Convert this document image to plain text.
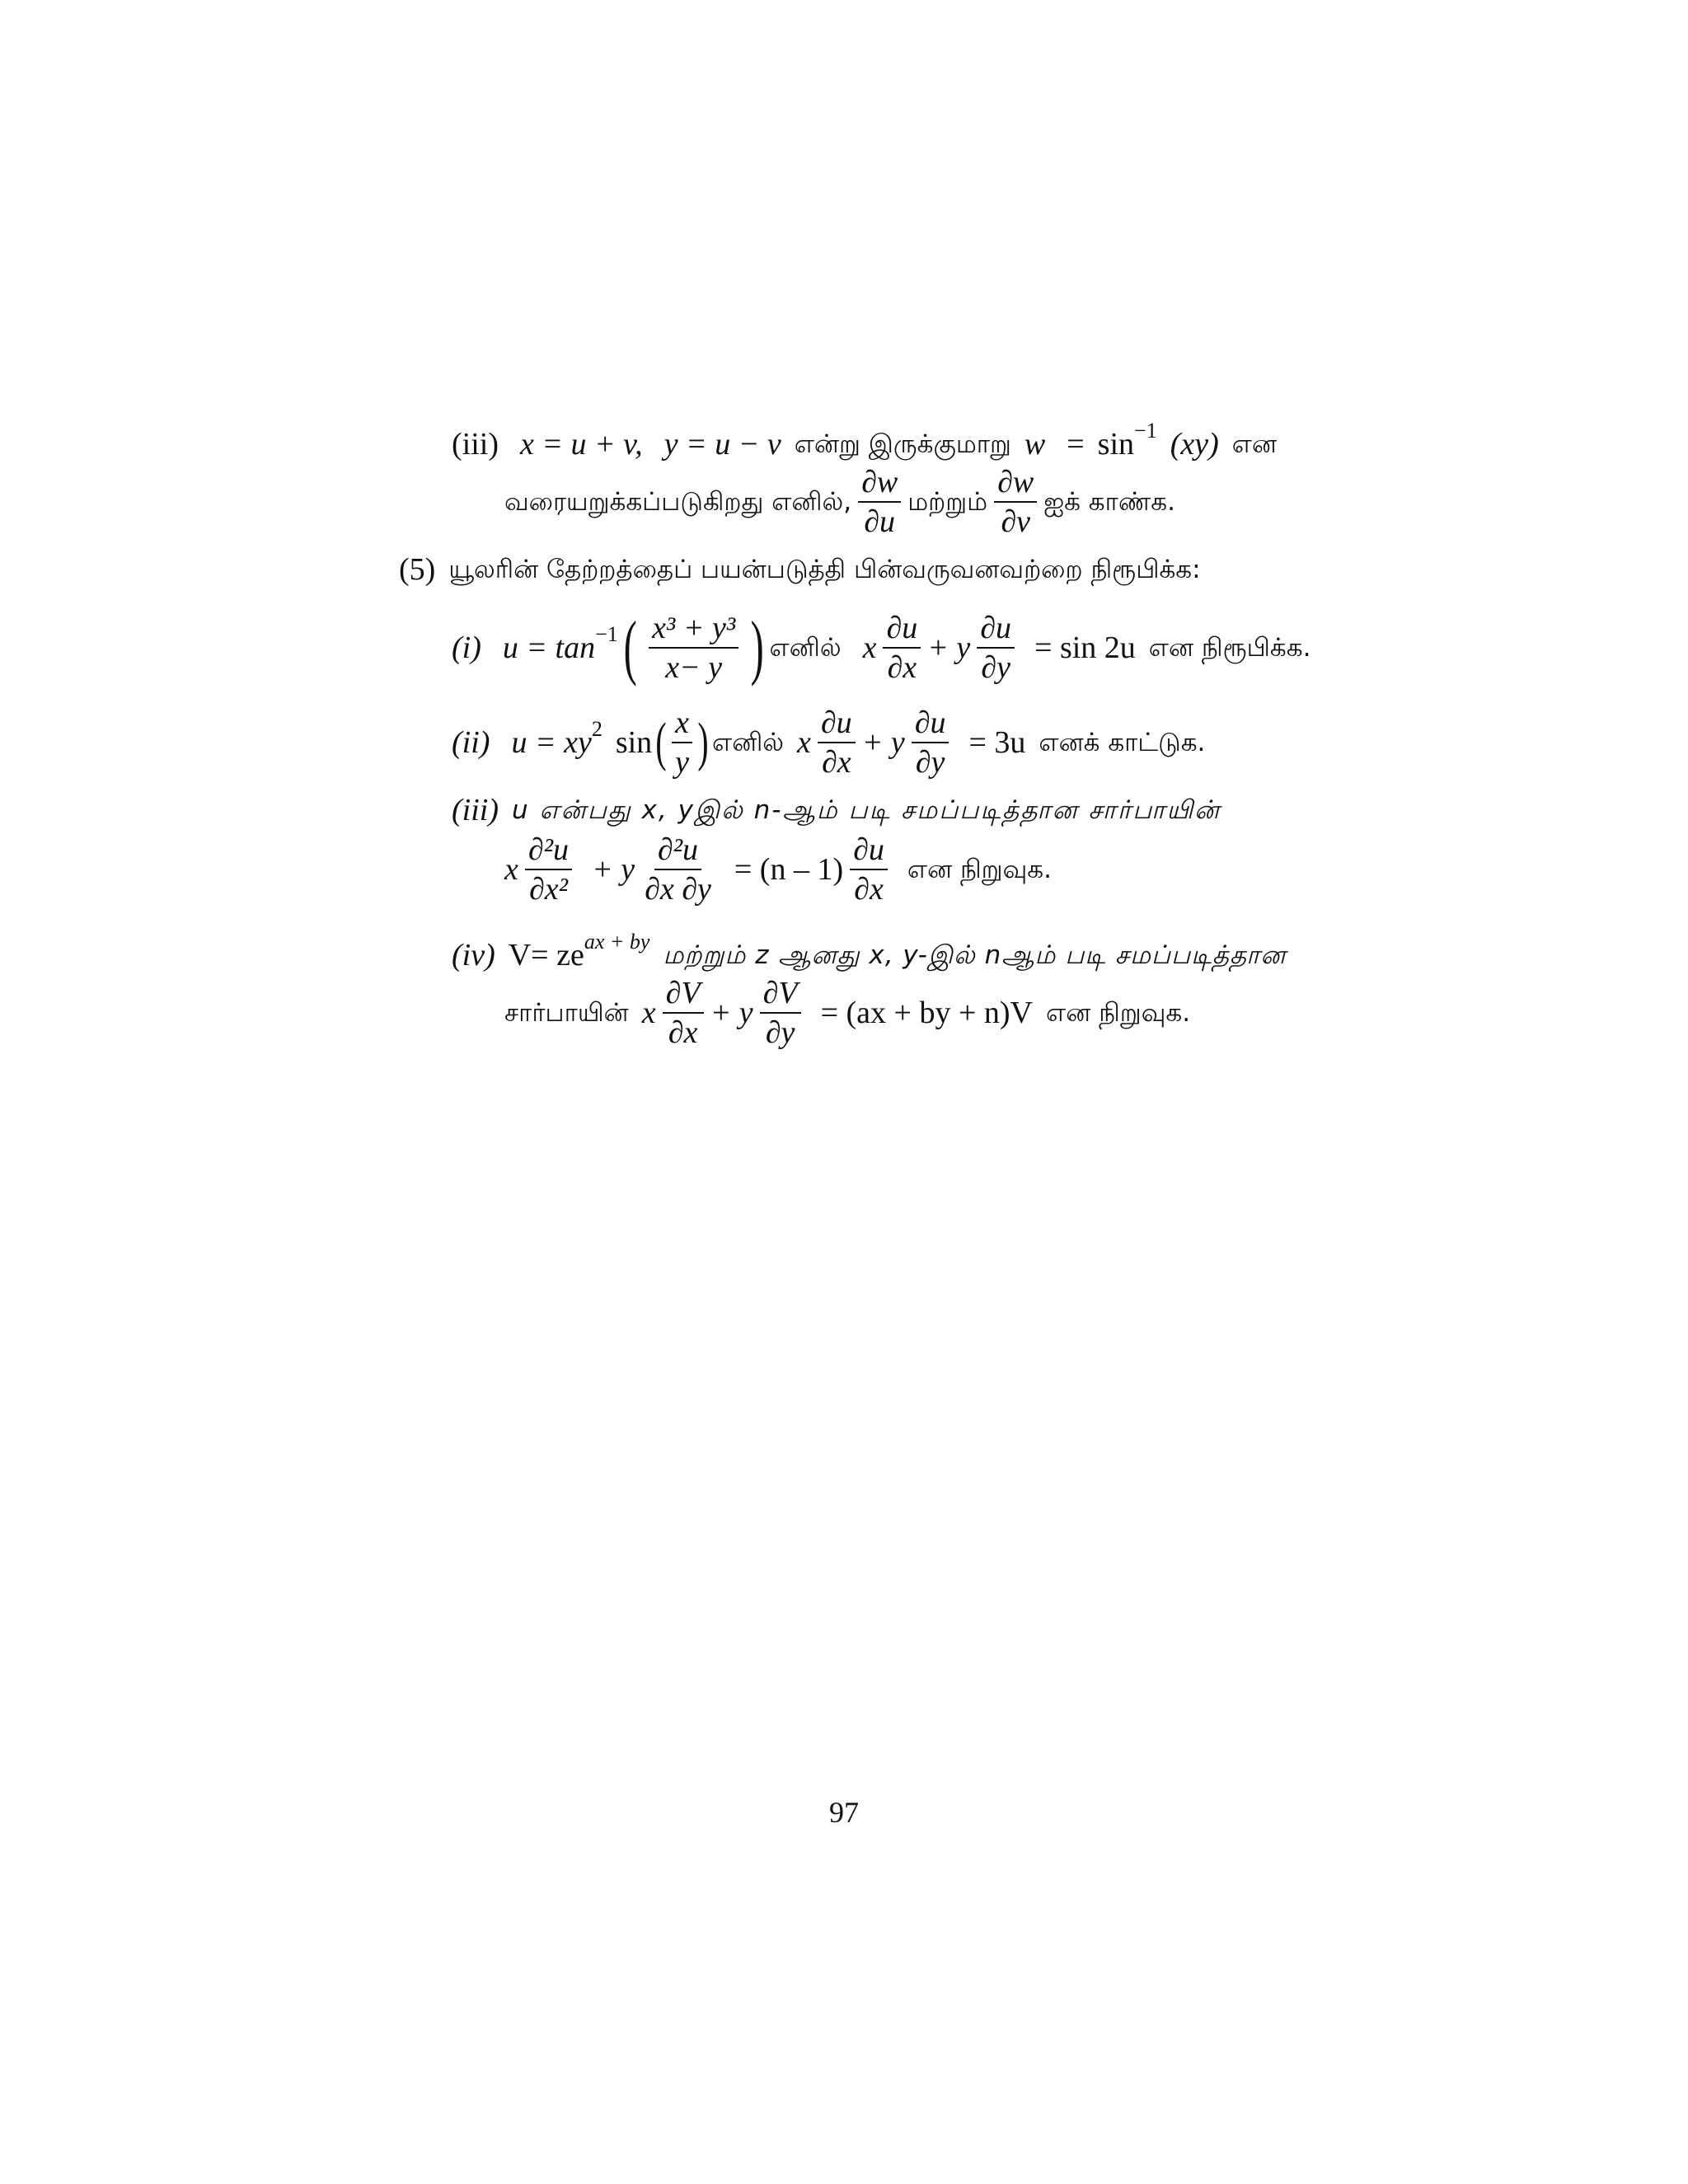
(iii) x = u + v, y = u − v என்று இருக்குமாறு w = sin −1 (xy) என
வரையறுக்கப்படுகிறது எனில், $\frac{\partial w}{\partial u}$ மற்றும் $\frac{\partial w}{\partial v}$ ஐக் காண்க.
(5) யூலரின் தேற்றத்தைப் பயன்படுத்தி பின்வருவனவற்றை நிரூபிக்க:
(i) u = tan −1 ( $\frac{\text{x³ + y³}}{x- y}$ ) எனில் x $\frac{\partial u}{\partial x} + y \frac{\partial u}{\partial y} = \sin 2u$ என நிரூபிக்க.
(ii) u = xy 2 sin ( $\frac{x}{y}$ ) எனில் x $\frac{\partial u}{\partial x} + y \frac{\partial u}{\partial y} = 3u$ எனக் காட்டுக.
(iii) u என்பது x, yஇல் n-ஆம் படி சமப்படித்தான சார்பாயின்
x $\frac{\text{∂²u}}{\text{∂x²}} + y \frac{\text{∂²u}}{\partial x \partial y} = (n - 1) \frac{\partial u}{\partial x}$ என நிறுவுக.
(iv) V= ze ax + by மற்றும் z ஆனது x, y-இல் nஆம் படி சமப்படித்தான
சார்பாயின் x $\frac{\partial V}{\partial x} + y \frac{\partial V}{\partial y} = (ax$ + by + n)V என நிறுவுக.
97
